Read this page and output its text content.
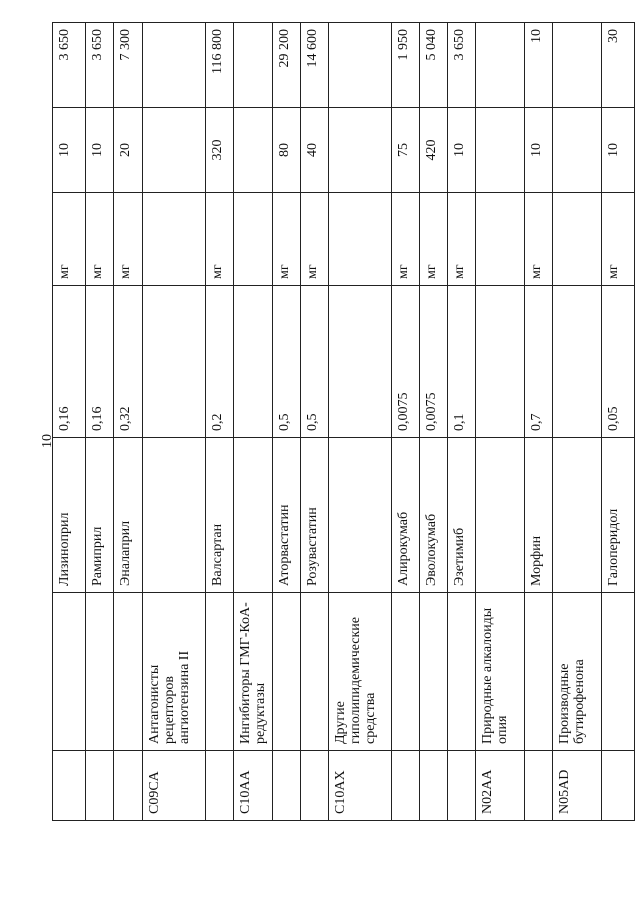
10
		Лизиноприл	0,16	мг	10	3 650
		Рамиприл	0,16	мг	10	3 650
		Эналаприл	0,32	мг	20	7 300
C09CA	Антагонисты рецепторов ангиотензина II					
		Валсартан	0,2	мг	320	116 800
C10AA	Ингибиторы ГМГ-КоА-редуктазы					
		Аторвастатин	0,5	мг	80	29 200
		Розувастатин	0,5	мг	40	14 600
C10AX	Другие гиполипидемические средства					
		Алирокумаб	0,0075	мг	75	1 950
		Эволокумаб	0,0075	мг	420	5 040
		Эзетимиб	0,1	мг	10	3 650
N02AA	Природные алкалоиды опия					
		Морфин	0,7	мг	10	10
N05AD	Производные бутирофенона					
		Галоперидол	0,05	мг	10	30
